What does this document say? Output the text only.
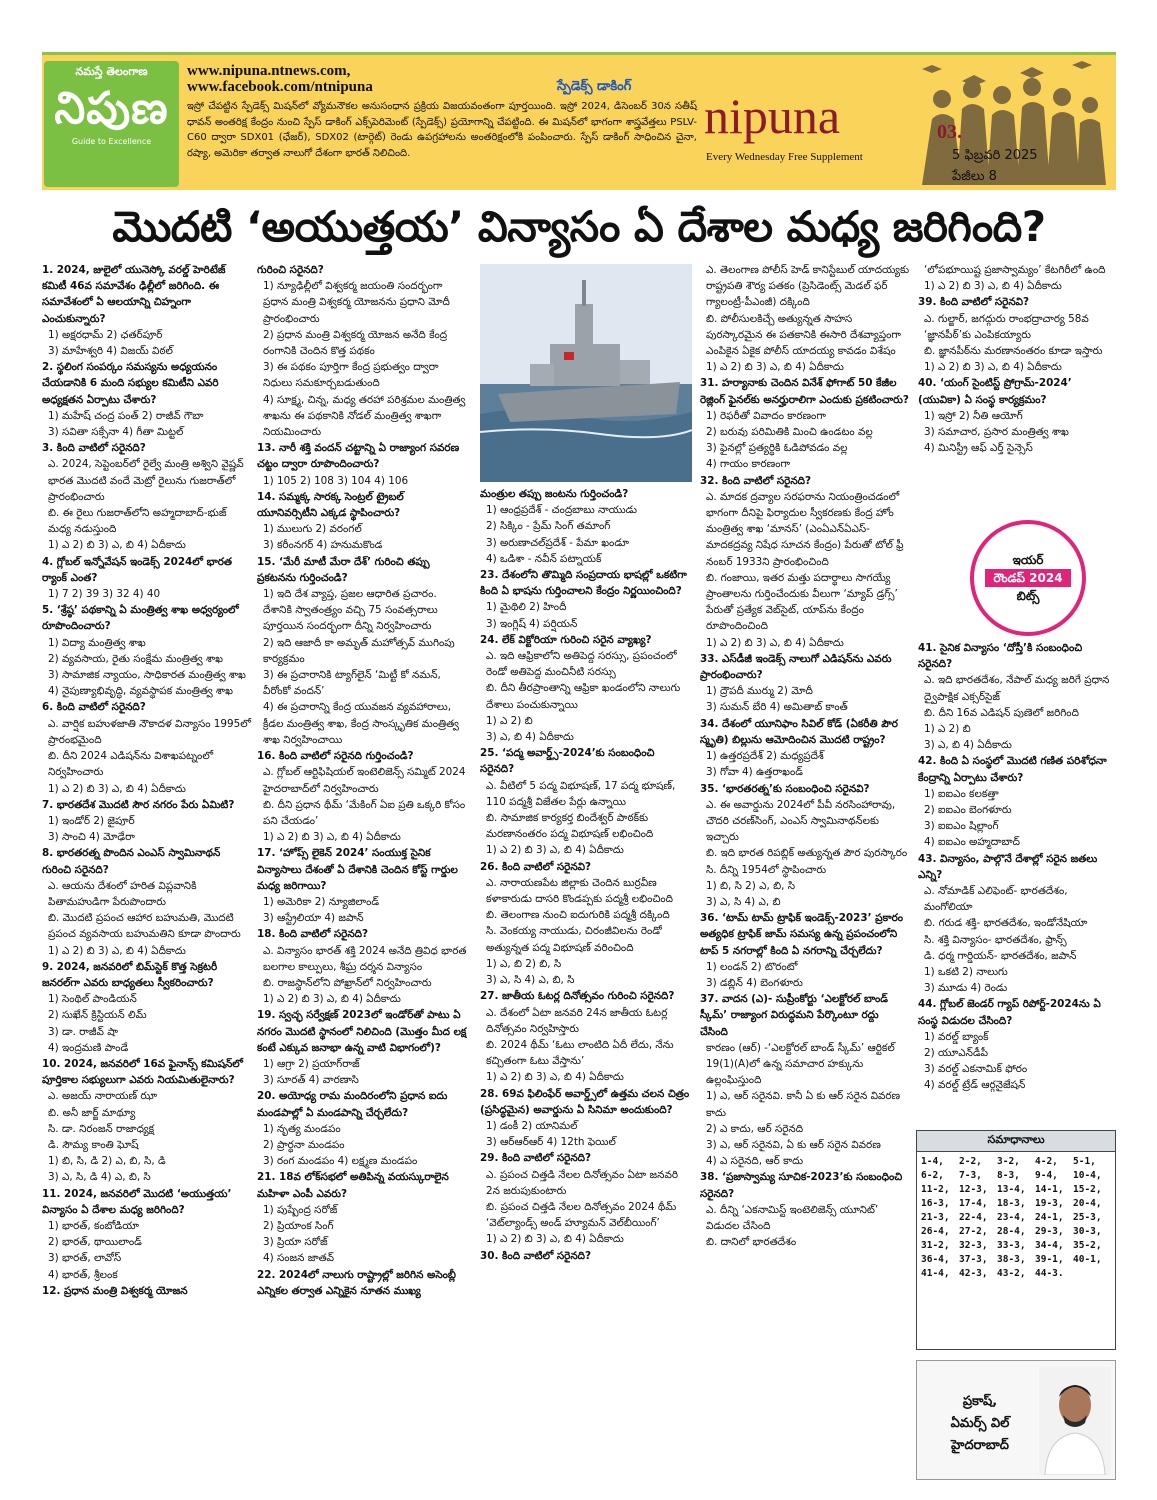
నమస్తే తెలంగాణ
నిపుణ
Guide to Excellence
www.nipuna.ntnews.com,
www.facebook.com/ntnipuna	స్పేడెక్స్ డాకింగ్
ఇస్రో చేపట్టిన స్పేడెక్స్ మిషన్‌లో వ్యోమనౌకల అనుసంధాన ప్రక్రియ విజయవంతంగా పూర్తయింది. ఇస్రో 2024, డిసెంబర్ 30న సతీష్ ధావన్ అంతరిక్ష కేంద్రం నుంచి స్పేస్ డాకింగ్ ఎక్స్‌పెరిమెంట్ (స్పేడెక్స్) ప్రయోగాన్ని చేపట్టింది. ఈ మిషన్‌లో భాగంగా శాస్త్రవేత్తలు PSLV-C60 ద్వారా SDX01 (ఛేజర్), SDX02 (టార్గెట్) రెండు ఉపగ్రహాలను అంతరిక్షంలోకి పంపించారు. స్పేస్ డాకింగ్ సాధించిన చైనా, రష్యా, అమెరికా తర్వాత నాలుగో దేశంగా భారత్ నిలిచింది.
nipuna
Every Wednesday Free Supplement
03.
5 ఫిబ్రవరి 2025
పేజీలు 8
మొదటి ‘అయుత్తయ’ విన్యాసం ఏ దేశాల మధ్య జరిగింది?

1. 2024, జులైలో యునెస్కో వరల్డ్ హెరిటేజ్ కమిటీ 46వ సమావేశం ఢిల్లీలో జరిగింది. ఈ సమావేశంలో ఏ ఆలయాన్ని చిహ్నంగా ఎంచుకున్నారు?

1) అక్షరధామ్ 2) ఛతర్‌పూర్

3) మాహేశ్వరి 4) విజయ్ విఠల్

2. స్థలింగ సంపర్కం సమస్యను అధ్యయనం చేయడానికి 6 మంది సభ్యుల కమిటీని ఎవరి అధ్యక్షతన ఏర్పాటు చేశారు?

1) మహేష్ చంద్ర పంత్ 2) రాజీవ్ గౌబా

3) సవితా సక్సేనా 4) గీతా మిట్టల్

3. కింది వాటిలో సరైనది?

ఎ. 2024, సెప్టెంబర్‌లో రైల్వే మంత్రి అశ్విని వైష్ణవ్ భారత మొదటి వందే మెట్రో రైలును గుజరాత్‌లో ప్రారంభించారు

బి. ఈ రైలు గుజరాత్‌లోని అహ్మదాబాద్-భుజ్ మధ్య నడుస్తుంది

1) ఎ 2) బి 3) ఎ, బి 4) ఏదీకాదు

4. గ్లోబల్ ఇన్నోవేషన్ ఇండెక్స్ 2024లో భారత ర్యాంక్ ఎంత?

1) 7 2) 39 3) 32 4) 40

5. ‘శ్రేష్ఠ’ పథకాన్ని ఏ మంత్రిత్వ శాఖ అధ్వర్యంలో రూపొందించారు?

1) విద్యా మంత్రిత్వ శాఖ

2) వ్యవసాయ, రైతు సంక్షేమ మంత్రిత్వ శాఖ

3) సామాజిక న్యాయం, సాధికారత మంత్రిత్వ శాఖ

4) నైపుణ్యాభివృద్ధి, వ్యవస్థాపక మంత్రిత్వ శాఖ

6. కింది వాటిలో సరైనది?

ఎ. వార్షిక బహుళజాతి నౌకాదళ విన్యాసం 1995లో ప్రారంభమైంది

బి. దీని 2024 ఎడిషన్‌ను విశాఖపట్నంలో నిర్వహించారు

1) ఎ 2) బి 3) ఎ, బి 4) ఏదీకాదు

7. భారతదేశ మొదటి సౌర నగరం పేరు ఏమిటి?

1) ఇండోర్ 2) జైపూర్

3) సాంచి 4) మోఢేరా

8. భారతరత్న పొందిన ఎంఎస్ స్వామినాథన్ గురించి సరైనది?

ఎ. ఆయను దేశంలో హరిత విప్లవానికి పితామహుడిగా పేరుపొందారు

బి. మొదటి ప్రపంచ ఆహార బహుమతి, మొదటి ప్రపంచ వ్యవసాయ బహుమతిని కూడా పొందారు

1) ఎ 2) బి 3) ఎ, బి 4) ఏదీకాదు

9. 2024, జనవరిలో బిమ్‌స్టెక్ కొత్త సెక్రటరీ జనరల్‌గా ఎవరు బాధ్యతలు స్వీకరించారు?

1) సెంథిల్ పాండియన్

2) సుఖేన్ క్రిస్టియన్ లిమ్

3) డా. రాజీవ్ షా

4) ఇంద్రమణి పాండే

10. 2024, జనవరిలో 16వ ఫైనాన్స్ కమిషన్‌లో పూర్తికాల సభ్యులుగా ఎవరు నియమితులైనారు?

ఎ. అజయ్ నారాయణ్ ఝా

బి. అనీ జార్జ్ మాథ్యూ

సి. డా. నిరంజన్ రాజాధ్యక్ష

డి. సౌమ్య కాంతి ఘోష్

1) బి, సి, డి 2) ఎ, బి, సి, డి

3) ఎ, సి, డి 4) ఎ, బి, సి

11. 2024, జనవరిలో మొదటి ‘అయుత్తయ’ విన్యాసం ఏ దేశాల మధ్య జరిగింది?

1) భారత్, కంబోడియా

2) భారత్, థాయిలాండ్

3) భారత్, లావోస్

4) భారత్, శ్రీలంక

12. ప్రధాన మంత్రి విశ్వకర్మ యోజన

గురించి సరైనది?

1) న్యూఢిల్లీలో విశ్వకర్మ జయంతి సందర్భంగా ప్రధాన మంత్రి విశ్వకర్మ యోజనను ప్రధాని మోదీ ప్రారంభించారు

2) ప్రధాన మంత్రి విశ్వకర్మ యోజన అనేది కేంద్ర రంగానికి చెందిన కొత్త పథకం

3) ఈ పథకం పూర్తిగా కేంద్ర ప్రభుత్వం ద్వారా నిధులు సమకూర్చబడుతుంది

4) సూక్ష్మ, చిన్న, మధ్య తరహా పరిశ్రమల మంత్రిత్వ శాఖను ఈ పథకానికి నోడల్ మంత్రిత్వ శాఖగా నియమించారు

13. నారీ శక్తి వందన్ చట్టాన్ని ఏ రాజ్యాంగ సవరణ చట్టం ద్వారా రూపొందించారు?

1) 105 2) 108 3) 104 4) 106

14. సమ్మక్క సారక్క సెంట్రల్ ట్రైబల్ యూనివర్సిటీని ఎక్కడ స్థాపించారు?

1) ములుగు 2) వరంగల్

3) కరీంనగర్ 4) హనుమకొండ

15. ‘మేరీ మాటీ మేరా దేశ్’ గురించి తప్పు ప్రకటనను గుర్తించండి?

1) ఇది దేశ వ్యాప్త, ప్రజల ఆధారిత ప్రచారం. దేశానికి స్వాతంత్ర్యం వచ్చి 75 సంవత్సరాలు పూర్తయిన సందర్భంగా దీన్ని నిర్వహించారు

2) ఇది ఆజాదీ కా అమృత్ మహోత్సవ్ ముగింపు కార్యక్రమం

3) ఈ ప్రచారానికి ట్యాగ్‌లైన్ ‘మిట్టీ కో నమన్, వీరోంకో వందన్’

4) ఈ ప్రచారాన్ని కేంద్ర యువజన వ్యవహారాలు, క్రీడల మంత్రిత్వ శాఖ, కేంద్ర సాంస్కృతిక మంత్రిత్వ శాఖ నిర్వహించాయి

16. కింది వాటిలో సరైనది గుర్తించండి?

ఎ. గ్లోబల్ ఆర్టిఫిషియల్ ఇంటెలిజెన్స్ సమ్మిట్ 2024 హైదరాబాద్‌లో నిర్వహించారు

బి. దీని ప్రధాన థీమ్ ‘మేకింగ్ ఏఐ ప్రతి ఒక్కరి కోసం పని చేయడం’

1) ఎ 2) బి 3) ఎ, బి 4) ఏదీకాదు

17. ‘హోప్స్ లైకెన్ 2024’ సంయుక్త సైనిక విన్యాసాలు దేశంతో ఏ దేశానికి చెందిన కోస్ట్ గార్డుల మధ్య జరిగాయి?

1) అమెరికా 2) న్యూజిలాండ్

3) ఆస్ట్రేలియా 4) జపాన్

18. కింది వాటిలో సరైనది?

ఎ. విన్యాసం భారత్ శక్తి 2024 అనేది త్రివిధ భారత బలగాల కాల్పులు, శీఘ్ర దర్శన విన్యాసం

బి. రాజస్థాన్‌లోని పోఖ్రాన్‌లో నిర్వహించారు

1) ఎ 2) బి 3) ఎ, బి 4) ఏదీకాదు

19. స్వచ్ఛ సర్వేక్షణ్ 2023లో ఇండోర్‌తో పాటు ఏ నగరం మొదటి స్థానంలో నిలిచింది (మొత్తం మీద లక్ష కంటే ఎక్కువ జనాభా ఉన్న వాటి విభాగంలో)?

1) ఆగ్రా 2) ప్రయాగ్‌రాజ్

3) సూరత్ 4) వారణాసి

20. అయోధ్య రామ మందిరంలోని ప్రధాన ఐదు మండపాల్లో ఏ మండపాన్ని చేర్చలేదు?

1) నృత్య మండపం

2) ప్రార్థనా మండపం

3) రంగ మండపం 4) లక్ష్మణ మండపం

21. 18వ లోక్‌సభలో అతిపిన్న వయస్కురాలైన మహిళా ఎంపీ ఎవరు?

1) పుష్పేంద్ర సరోజ్

2) ప్రియాంక సింగ్

3) ప్రియా సరోజ్

4) సంజన జాతవ్

22. 2024లో నాలుగు రాష్ట్రాల్లో జరిగిన అసెంబ్లీ ఎన్నికల తర్వాత ఎన్నికైన నూతన ముఖ్య

మంత్రుల తప్పు జంటను గుర్తించండి?

1) ఆంధ్రప్రదేశ్ - చంద్రబాబు నాయుడు

2) సిక్కిం - ప్రేమ్ సింగ్ తమాంగ్

3) అరుణాచల్‌ప్రదేశ్ - పేమా ఖండూ

4) ఒడిశా - నవీన్ పట్నాయక్

23. దేశంలోని తొమ్మిది సంప్రదాయ భాషల్లో ఒకటిగా కింది ఏ భాషను గుర్తించాలని కేంద్రం నిర్ణయించింది?

1) మైథిలి 2) హిందీ

3) ఇంగ్లిష్ 4) పర్షియన్

24. లేక్ విక్టోరియా గురించి సరైన వ్యాఖ్య?

ఎ. ఇది ఆఫ్రికాలోని అతిపెద్ద సరస్సు, ప్రపంచంలో రెండో అతిపెద్ద మంచినీటి సరస్సు

బి. దీని తీరప్రాంతాన్ని ఆఫ్రికా ఖండంలోని నాలుగు దేశాలు పంచుకున్నాయి

1) ఎ 2) బి

3) ఎ, బి 4) ఏదీకాదు

25. ‘పద్మ అవార్డ్స్-2024’కు సంబంధించి సరైనది?

ఎ. వీటిలో 5 పద్మ విభూషణ్, 17 పద్మ భూషణ్, 110 పద్మశ్రీ విజేతల పేర్లు ఉన్నాయి

బి. సామాజిక కార్యకర్త బిందేశ్వర్ పాఠక్‌కు మరణానంతరం పద్మ విభూషణ్ లభించింది

1) ఎ 2) బి 3) ఎ, బి 4) ఏదీకాదు

26. కింది వాటిలో సరైనవి?

ఎ. నారాయణపేట జిల్లాకు చెందిన బుర్రవీణ కళాకారుడు దాసరి కొండప్పకు పద్మశ్రీ లభించింది

బి. తెలంగాణ నుంచి ఐదుగురికి పద్మశ్రీ దక్కింది

సి. వెంకయ్య నాయుడు, చిరంజీవిలను రెండో అత్యున్నత పద్మ విభూషణ్ వరించింది

1) ఎ, బి 2) బి, సి

3) ఎ, సి 4) ఎ, బి, సి

27. జాతీయ ఓటర్ల దినోత్సవం గురించి సరైనది?

ఎ. దేశంలో ఏటా జనవరి 24న జాతీయ ఓటర్ల దినోత్సవం నిర్వహిస్తారు

బి. 2024 థీమ్ ‘ఓటు లాంటిది ఏదీ లేదు, నేను కచ్చితంగా ఓటు వేస్తాను’

1) ఎ 2) బి 3) ఎ, బి 4) ఏదీకాదు

28. 69వ ఫిలింఫేర్ అవార్డ్స్‌లో ఉత్తమ చలన చిత్రం (ప్రసిద్ధమైన) అవార్డును ఏ సినిమా అందుకుంది?

1) డంకీ 2) యానిమల్

3) ఆర్‌ఆర్‌ఆర్ 4) 12th ఫెయిల్

29. కింది వాటిలో సరైనది?

ఎ. ప్రపంచ చిత్తడి నేలల దినోత్సవం ఏటా జనవరి 2న జరుపుకుంటారు

బి. ప్రపంచ చిత్తడి నేలల దినోత్సవం 2024 థీమ్ ‘వెట్‌ల్యాండ్స్ అండ్ హ్యూమన్ వెల్‌బీయింగ్’

1) ఎ 2) బి 3) ఎ, బి 4) ఏదీకాదు

30. కింది వాటిలో సరైనది?

ఎ. తెలంగాణ పోలీస్ హెడ్ కానిస్టేబుల్ యాదయ్యకు రాష్ట్రపతి శౌర్య పతకం (ప్రెసిడెంట్స్ మెడల్ ఫర్ గ్యాలంట్రీ-పీఎంజీ) దక్కింది

బి. పోలీసులకిచ్చే అత్యున్నత సాహస పురస్కారమైన ఈ పతకానికి ఈసారి దేశవ్యాప్తంగా ఎంపికైన ఏకైక పోలీస్ యాదయ్య కావడం విశేషం

1) ఎ 2) బి 3) ఎ, బి 4) ఏదీకాదు

31. హర్యానాకు చెందిన వినేశ్ ఫోగాట్ 50 కేజీల రెజ్లింగ్ ఫైనల్‌కు అనర్హురాలిగా ఎందుకు ప్రకటించారు?

1) రెఫరీతో వివాదం కారణంగా

2) బరువు పరిమితికి మించి ఉండటం వల్ల

3) ఫైనల్లో ప్రత్యర్థికి ఓడిపోవడం వల్ల

4) గాయం కారణంగా

32. కింది వాటిలో సరైనది?

ఎ. మాదక ద్రవ్యాల సరఫరాను నియంత్రించడంలో భాగంగా దీనిపై ఫిర్యాదుల స్వీకరణకు కేంద్ర హోం మంత్రిత్వ శాఖ ‘మానస్’ (ఎంఏఎన్‌ఏఎస్-మాదకద్రవ్య నిషేధ సూచన కేంద్రం) పేరుతో టోల్ ఫ్రీ నంబర్ 1933ని ప్రారంభించింది

బి. గంజాయి, ఇతర మత్తు పదార్థాలు సాగయ్యే ప్రాంతాలను గుర్తించేందుకు వీలుగా ‘మ్యాప్ డ్రగ్స్’ పేరుతో ప్రత్యేక వెబ్‌సైట్, యాప్‌ను కేంద్రం రూపొందించింది

1) ఎ 2) బి 3) ఎ, బి 4) ఏదీకాదు

33. ఎస్‌డీజీ ఇండెక్స్ నాలుగో ఎడిషన్‌ను ఎవరు ప్రారంభించారు?

1) ద్రౌపదీ ముర్ము 2) మోదీ

3) సుమన్ బేరి 4) అమితాబ్ కాంత్

34. దేశంలో యూనిఫాం సివిల్ కోడ్ (ఏకరీతి పౌర స్మృతి) బిల్లును ఆమోదించిన మొదటి రాష్ట్రం?

1) ఉత్తరప్రదేశ్ 2) మధ్యప్రదేశ్

3) గోవా 4) ఉత్తరాఖండ్

35. ‘భారతరత్న’కు సంబంధించి సరైనవి?

ఎ. ఈ అవార్డును 2024లో పీవీ నరసింహారావు, చౌదరి చరణ్‌సింగ్, ఎంఎస్ స్వామినాథన్‌లకు ఇచ్చారు

బి. ఇది భారత రిపబ్లిక్ అత్యున్నత పౌర పురస్కారం

సి. దీన్ని 1954లో స్థాపించారు

1) బి, సి 2) ఎ, బి, సి

3) ఎ, సి 4) ఎ, బి

36. ‘టామ్ టామ్ ట్రాఫిక్ ఇండెక్స్-2023’ ప్రకారం అత్యధిక ట్రాఫిక్ జామ్ సమస్య ఉన్న ప్రపంచంలోని టాప్ 5 నగరాల్లో కింది ఏ నగరాన్ని చేర్చలేదు?

1) లండన్ 2) టొరంటో

3) డబ్లిన్ 4) బెంగళూరు

37. వాదన (ఎ)- సుప్రీంకోర్టు ‘ఎలక్టోరల్ బాండ్ స్కీమ్’ రాజ్యాంగ విరుద్ధమని పేర్కొంటూ రద్దు చేసింది

కారణం (ఆర్) -‘ఎలక్టోరల్ బాండ్ స్కీమ్’ ఆర్టికల్ 19(1)(A)లో ఉన్న సమాచార హక్కును ఉల్లంఘిస్తుంది

1) ఎ, ఆర్ సరైనవి. కానీ ఏ కు ఆర్ సరైన వివరణ కాదు

2) ఎ కాదు, ఆర్ సరైనది

3) ఎ, ఆర్ సరైనవి, ఏ కు ఆర్ సరైన వివరణ

4) ఎ సరైనది, ఆర్ కాదు

38. ‘ప్రజాస్వామ్య సూచిక-2023’కు సంబంధించి సరైనది?

ఎ. దీన్ని ‘ఎకనామిస్ట్ ఇంటెలిజెన్స్ యూనిట్’ విడుదల చేసింది

బి. దానిలో భారతదేశం

‘లోపభూయిష్ట ప్రజాస్వామ్యం’ కేటగిరీలో ఉంది

1) ఎ 2) బి 3) ఎ, బి 4) ఏదీకాదు

39. కింది వాటిలో సరైనవి?

ఎ. గుల్జార్, జగద్గురు రాంభద్రాచార్య 58వ ‘జ్ఞానపీఠ్’కు ఎంపికయ్యారు

బి. జ్ఞానపీఠ్‌ను మరణానంతరం కూడా ఇస్తారు

1) ఎ 2) బి 3) ఎ, బి 4) ఏదీకాదు

40. ‘యంగ్ సైంటిస్ట్ ప్రోగ్రామ్-2024’ (యువికా) ఏ సంస్థ కార్యక్రమం?

1) ఇస్రో 2) నీతి ఆయోగ్

3) సమాచార, ప్రసార మంత్రిత్వ శాఖ

4) మినిస్ట్రీ ఆఫ్ ఎర్త్ సైన్సెస్

41. సైనిక విన్యాసం ‘దోస్తీ’కి సంబంధించి సరైనది?

ఎ. ఇది భారతదేశం, నేపాల్ మధ్య జరిగే ప్రధాన ద్వైపాక్షిక ఎక్సర్‌సైజ్

బి. దీని 16వ ఎడిషన్ పుణెలో జరిగింది

1) ఎ 2) బి

3) ఎ, బి 4) ఏదీకాదు

42. కింది ఏ సంస్థలో మొదటి గణిత పరిశోధనా కేంద్రాన్ని ఏర్పాటు చేశారు?

1) ఐఐఎం కలకత్తా

2) ఐఐఎం బెంగళూరు

3) ఐఐఎం షిల్లాంగ్

4) ఐఐఎం అహ్మదాబాద్

43. విన్యాసం, పాల్గొనే దేశాల్లో సరైన జతలు ఎన్ని?

ఎ. నోమాడిక్ ఎలిఫెంట్- భారతదేశం, మంగోలియా

బి. గరుడ శక్తి- భారతదేశం, ఇండోనేషియా

సి. శక్తి విన్యాసం- భారతదేశం, ఫ్రాన్స్

డి. ధర్మ గార్డియన్- భారతదేశం, జపాన్

1) ఒకటి 2) నాలుగు

3) మూడు 4) రెండు

44. గ్లోబల్ జెండర్ గ్యాప్ రిపోర్ట్-2024ను ఏ సంస్థ విడుదల చేసింది?

1) వరల్డ్ బ్యాంక్

2) యూఎన్‌డీపీ

3) వరల్డ్ ఎకనామిక్ ఫోరం

4) వరల్డ్ ట్రేడ్ ఆర్గనైజేషన్

ఇయర్
రౌండప్ 2024
బిట్స్
సమాధానాలు
1-4,	2-2,	3-2,	4-2,	5-1,
6-2,	7-3,	8-3,	9-4,	10-4,
11-2, 12-3, 13-4, 14-1, 15-2,
16-3, 17-4, 18-3, 19-3, 20-4,
21-3, 22-4, 23-4, 24-1, 25-3,
26-4, 27-2, 28-4, 29-3, 30-3,
31-2, 32-3, 33-3, 34-4, 35-2,
36-4, 37-3, 38-3, 39-1, 40-1,
41-4, 42-3, 43-2, 44-3.
ప్రకాష్,
ఏమర్స్ విల్
హైదరాబాద్
